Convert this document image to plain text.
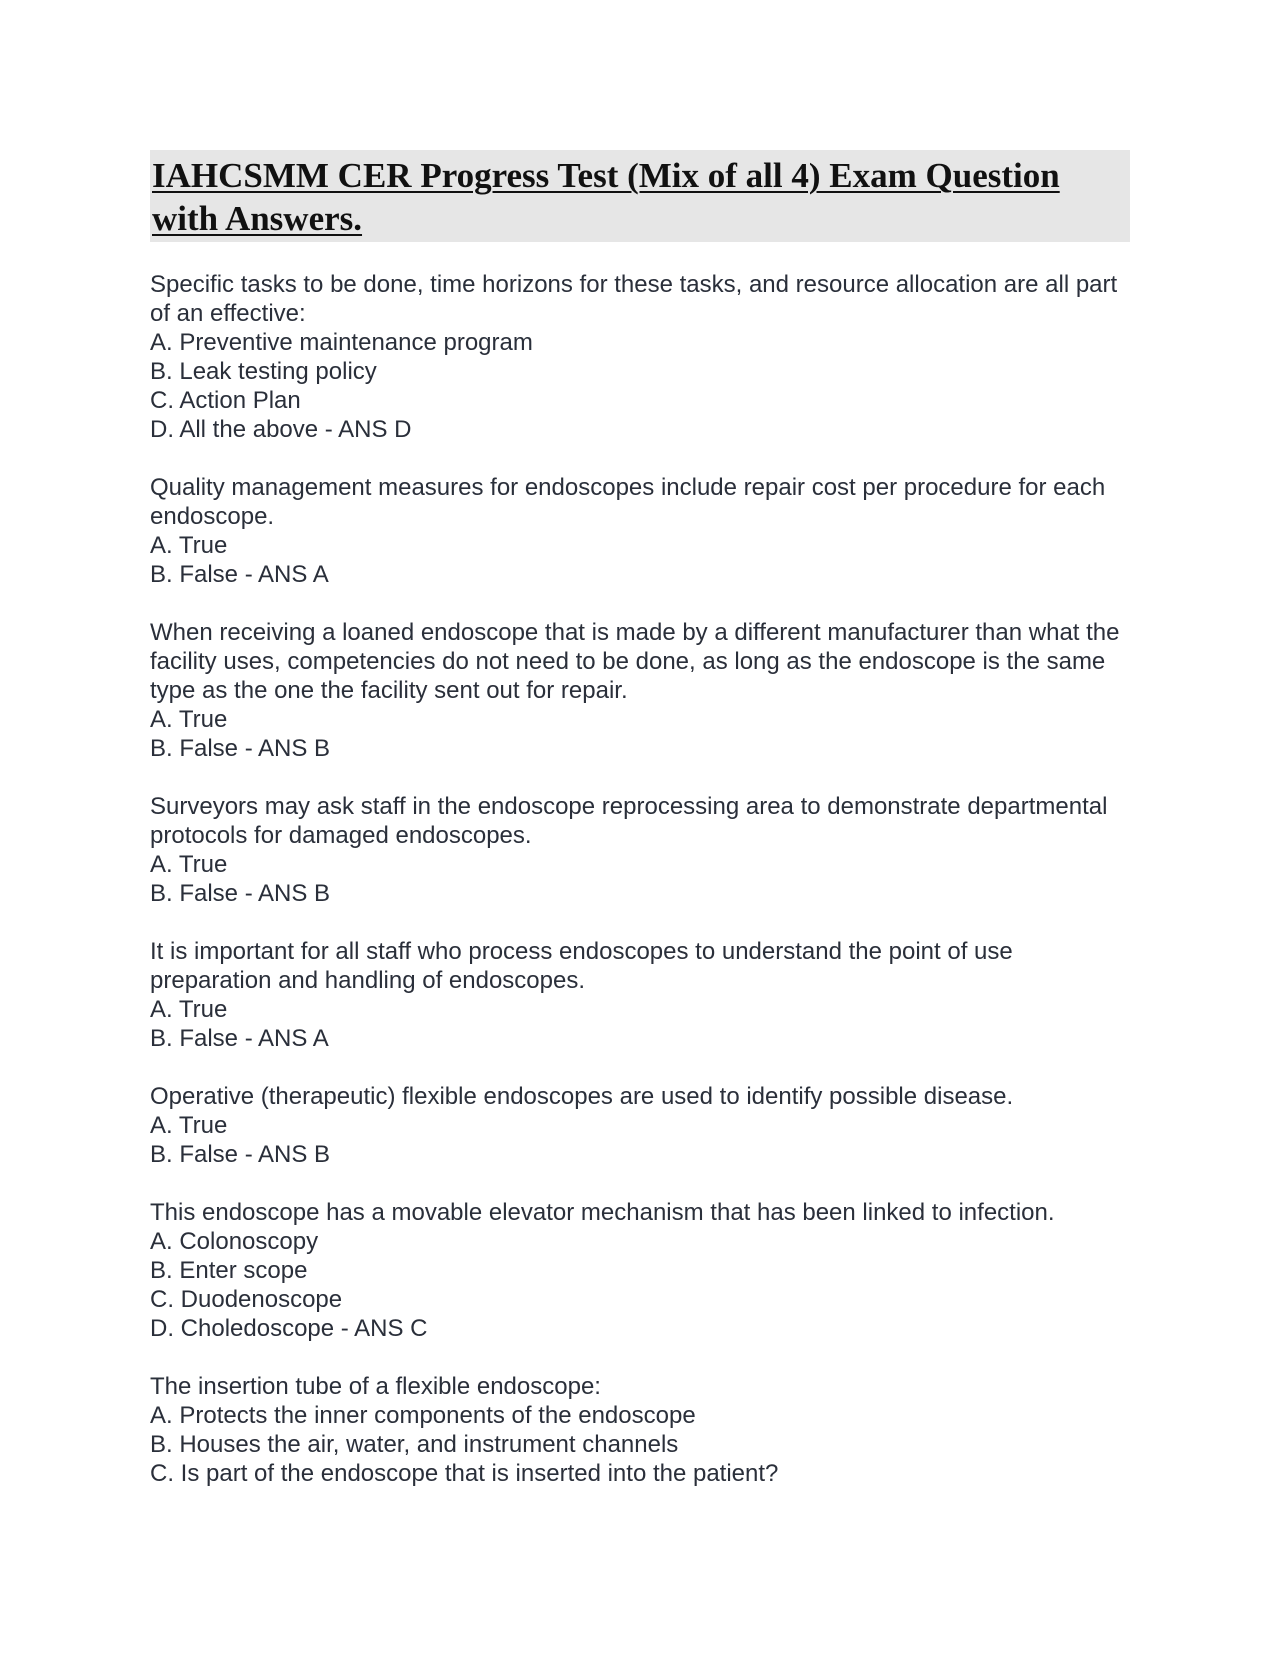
IAHCSMM CER Progress Test (Mix of all 4) Exam Question with Answers.
Specific tasks to be done, time horizons for these tasks, and resource allocation are all part of an effective:
A. Preventive maintenance program
B. Leak testing policy
C. Action Plan
D. All the above - ANS D
Quality management measures for endoscopes include repair cost per procedure for each endoscope.
A. True
B. False - ANS A
When receiving a loaned endoscope that is made by a different manufacturer than what the facility uses, competencies do not need to be done, as long as the endoscope is the same type as the one the facility sent out for repair.
A. True
B. False - ANS B
Surveyors may ask staff in the endoscope reprocessing area to demonstrate departmental protocols for damaged endoscopes.
A. True
B. False - ANS B
It is important for all staff who process endoscopes to understand the point of use preparation and handling of endoscopes.
A. True
B. False - ANS A
Operative (therapeutic) flexible endoscopes are used to identify possible disease.
A. True
B. False - ANS B
This endoscope has a movable elevator mechanism that has been linked to infection.
A. Colonoscopy
B. Enter scope
C. Duodenoscope
D. Choledoscope - ANS C
The insertion tube of a flexible endoscope:
A. Protects the inner components of the endoscope
B. Houses the air, water, and instrument channels
C. Is part of the endoscope that is inserted into the patient?
